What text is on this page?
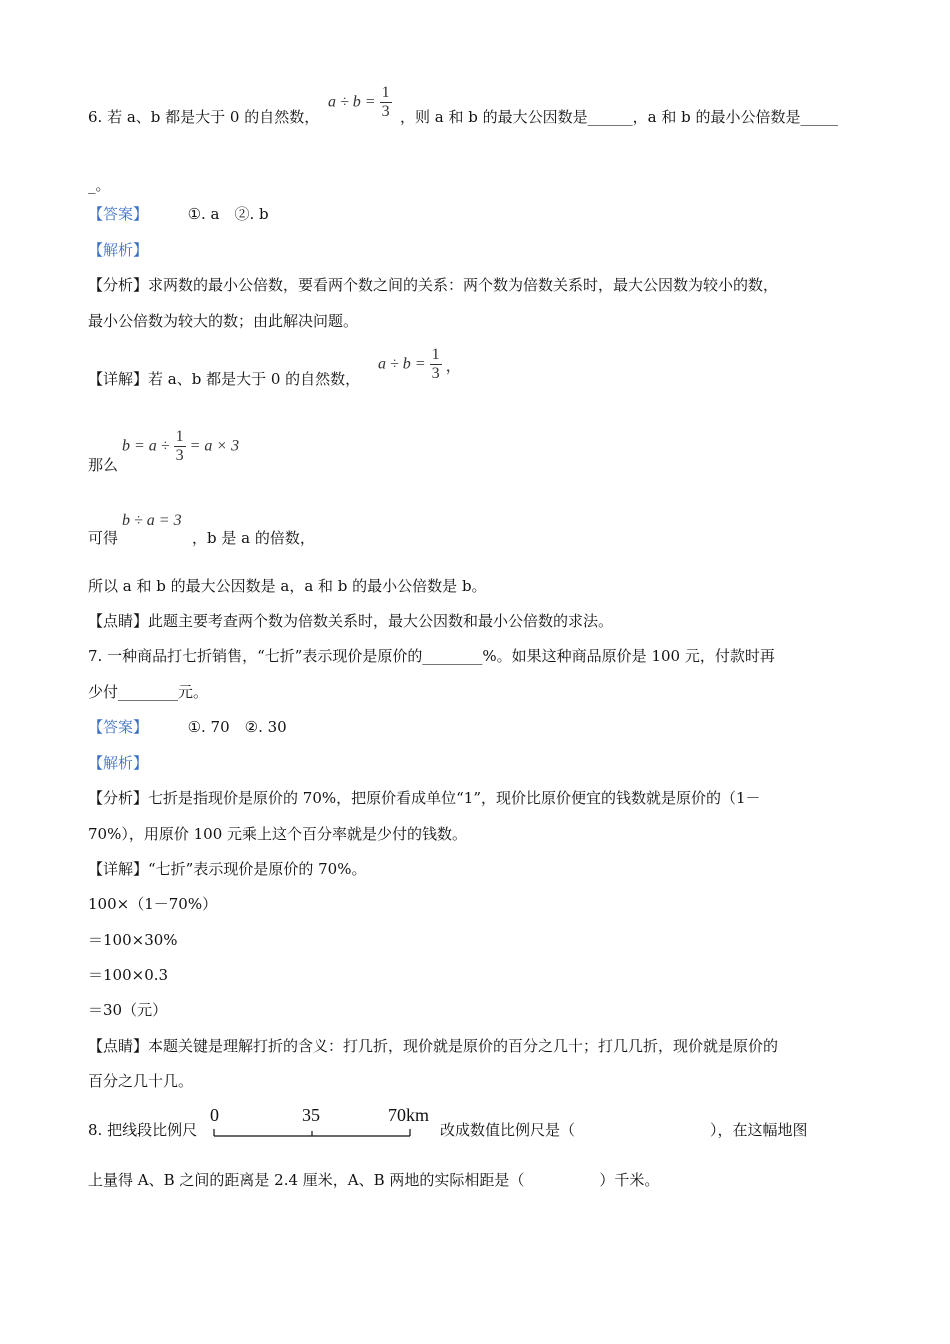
6. 若 a、b 都是大于 0 的自然数，
$a \div b = \frac{1}{3}$ ，则 a 和 b 的最大公因数是______，a 和 b 的最小公倍数是_____
_。
【答案】	①. a　②. b
【解析】
【分析】求两数的最小公倍数，要看两个数之间的关系：两个数为倍数关系时，最大公因数为较小的数，
最小公倍数为较大的数；由此解决问题。
【详解】若 a、b 都是大于 0 的自然数，
$a \div b = \frac{1}{3}$ ，
那么
$b = a \div \frac{1}{3} = a \times 3$
可得
b ÷ a = 3
，b 是 a 的倍数，
所以 a 和 b 的最大公因数是 a，a 和 b 的最小公倍数是 b。
【点睛】此题主要考查两个数为倍数关系时，最大公因数和最小公倍数的求法。
7. 一种商品打七折销售，“七折”表示现价是原价的________%。如果这种商品原价是 100 元，付款时再
少付________元。
【答案】	①. 70　②. 30
【解析】
【分析】七折是指现价是原价的 70%，把原价看成单位“1”，现价比原价便宜的钱数就是原价的（1－
70%），用原价 100 元乘上这个百分率就是少付的钱数。
【详解】“七折”表示现价是原价的 70%。
100×（1－70%）
＝100×30%
＝100×0.3
＝30（元）
【点睛】本题关键是理解打折的含义：打几折，现价就是原价的百分之几十；打几几折，现价就是原价的
百分之几十几。
8. 把线段比例尺
0	35	70km
改成数值比例尺是（　　　　　　　　　），在这幅地图
上量得 A、B 之间的距离是 2.4 厘米，A、B 两地的实际相距是（　　　　　）千米。
